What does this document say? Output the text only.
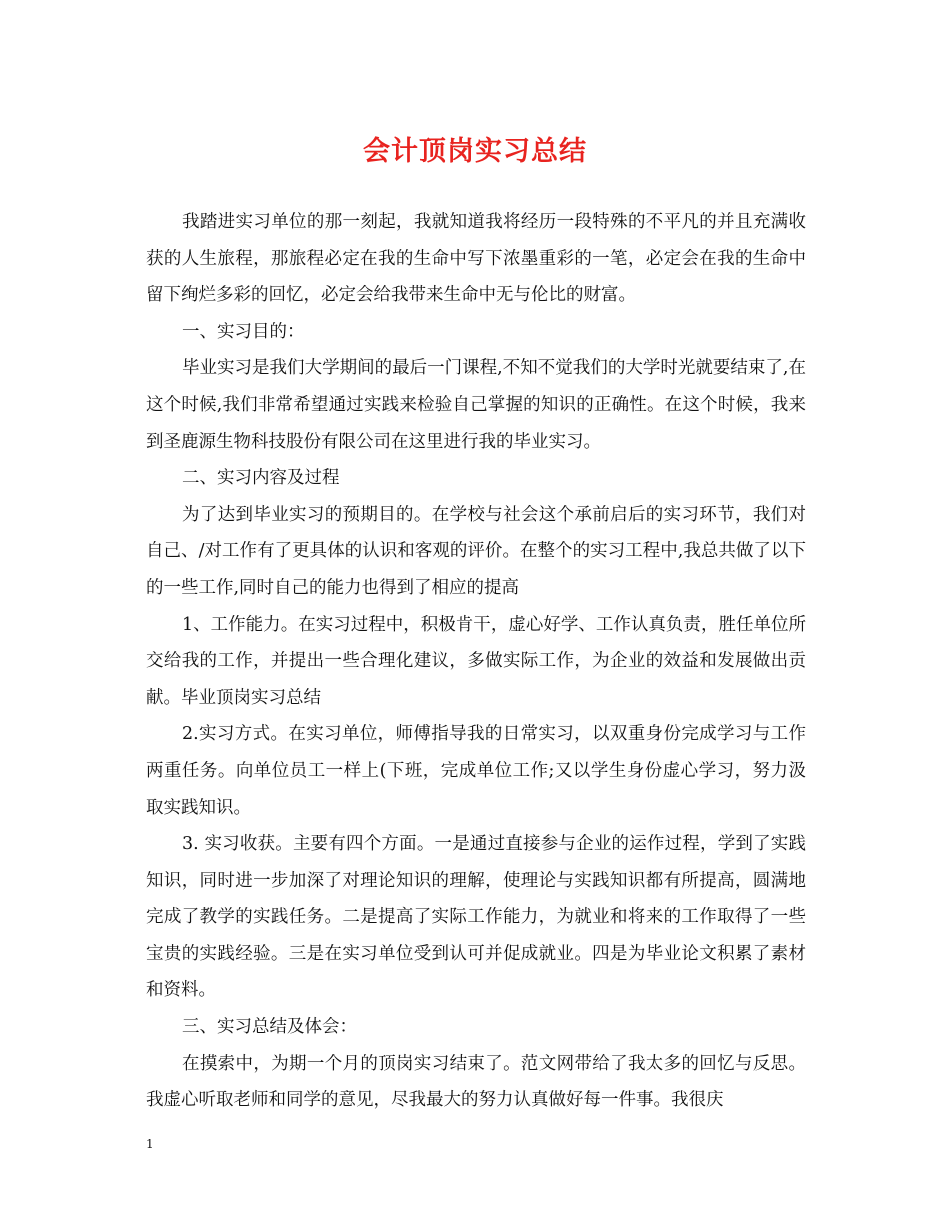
会计顶岗实习总结

我踏进实习单位的那一刻起，我就知道我将经历一段特殊的不平凡的并且充满收获的人生旅程，那旅程必定在我的生命中写下浓墨重彩的一笔，必定会在我的生命中留下绚烂多彩的回忆，必定会给我带来生命中无与伦比的财富。

一、实习目的：

毕业实习是我们大学期间的最后一门课程,不知不觉我们的大学时光就要结束了,在这个时候,我们非常希望通过实践来检验自己掌握的知识的正确性。在这个时候，我来到圣鹿源生物科技股份有限公司在这里进行我的毕业实习。

二、实习内容及过程

为了达到毕业实习的预期目的。在学校与社会这个承前启后的实习环节，我们对自己、/对工作有了更具体的认识和客观的评价。在整个的实习工程中,我总共做了以下的一些工作,同时自己的能力也得到了相应的提高

1、工作能力。在实习过程中，积极肯干，虚心好学、工作认真负责，胜任单位所交给我的工作，并提出一些合理化建议，多做实际工作，为企业的效益和发展做出贡献。毕业顶岗实习总结

2.实习方式。在实习单位，师傅指导我的日常实习，以双重身份完成学习与工作两重任务。向单位员工一样上(下班，完成单位工作;又以学生身份虚心学习，努力汲取实践知识。

3. 实习收获。主要有四个方面。一是通过直接参与企业的运作过程，学到了实践知识，同时进一步加深了对理论知识的理解，使理论与实践知识都有所提高，圆满地完成了教学的实践任务。二是提高了实际工作能力，为就业和将来的工作取得了一些宝贵的实践经验。三是在实习单位受到认可并促成就业。四是为毕业论文积累了素材和资料。

三、实习总结及体会：

在摸索中，为期一个月的顶岗实习结束了。范文网带给了我太多的回忆与反思。我虚心听取老师和同学的意见，尽我最大的努力认真做好每一件事。我很庆

1
